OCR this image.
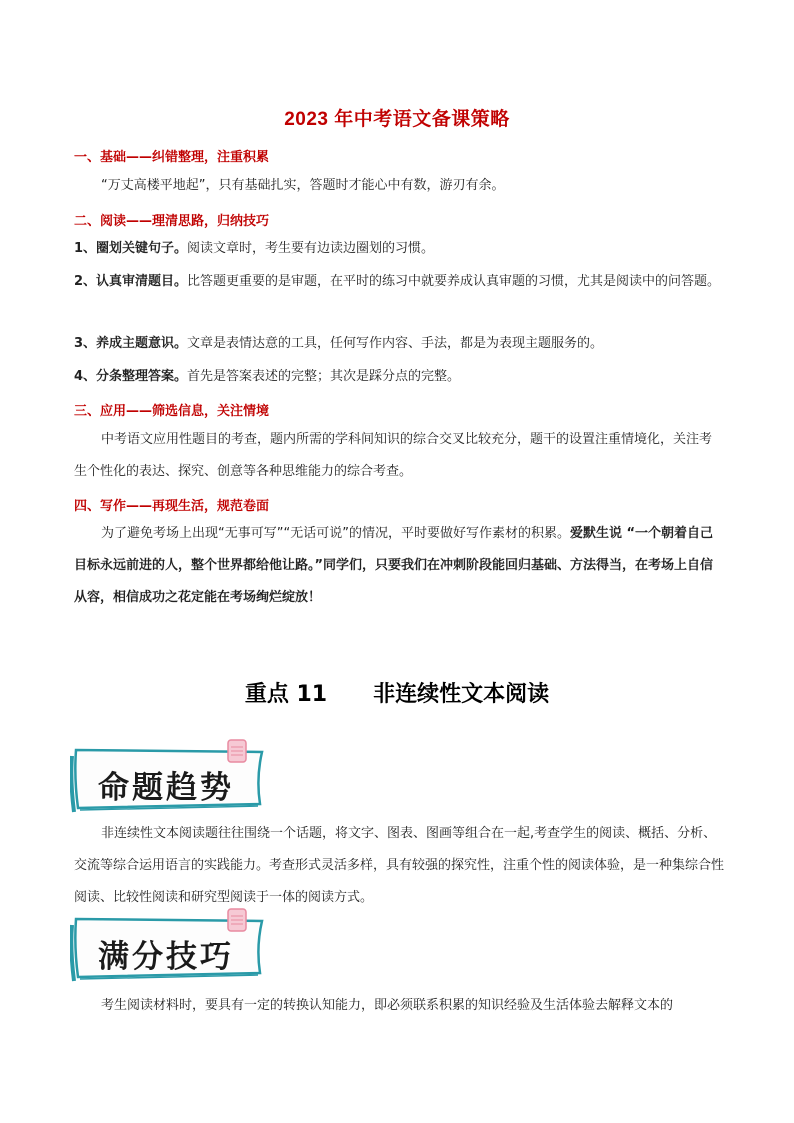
2023 年中考语文备课策略
一、基础——纠错整理，注重积累
“万丈高楼平地起”，只有基础扎实，答题时才能心中有数，游刃有余。
二、阅读——理清思路，归纳技巧
1、圈划关键句子。阅读文章时，考生要有边读边圈划的习惯。
2、认真审清题目。比答题更重要的是审题，在平时的练习中就要养成认真审题的习惯，尤其是阅读中的问答题。
3、养成主题意识。文章是表情达意的工具，任何写作内容、手法，都是为表现主题服务的。
4、分条整理答案。首先是答案表述的完整；其次是踩分点的完整。
三、应用——筛选信息，关注情境
中考语文应用性题目的考查，题内所需的学科间知识的综合交叉比较充分，题干的设置注重情境化，关注考生个性化的表达、探究、创意等各种思维能力的综合考查。
四、写作——再现生活，规范卷面
为了避免考场上出现“无事可写”“无话可说”的情况，平时要做好写作素材的积累。爱默生说 “一个朝着自己目标永远前进的人，整个世界都给他让路。”同学们，只要我们在冲刺阶段能回归基础、方法得当，在考场上自信从容，相信成功之花定能在考场绚烂绽放！
重点 11 非连续性文本阅读
命题趋势
非连续性文本阅读题往往围绕一个话题，将文字、图表、图画等组合在一起,考查学生的阅读、概括、分析、交流等综合运用语言的实践能力。考查形式灵活多样，具有较强的探究性，注重个性的阅读体验，是一种集综合性阅读、比较性阅读和研究型阅读于一体的阅读方式。
满分技巧
考生阅读材料时，要具有一定的转换认知能力，即必须联系积累的知识经验及生活体验去解释文本的
